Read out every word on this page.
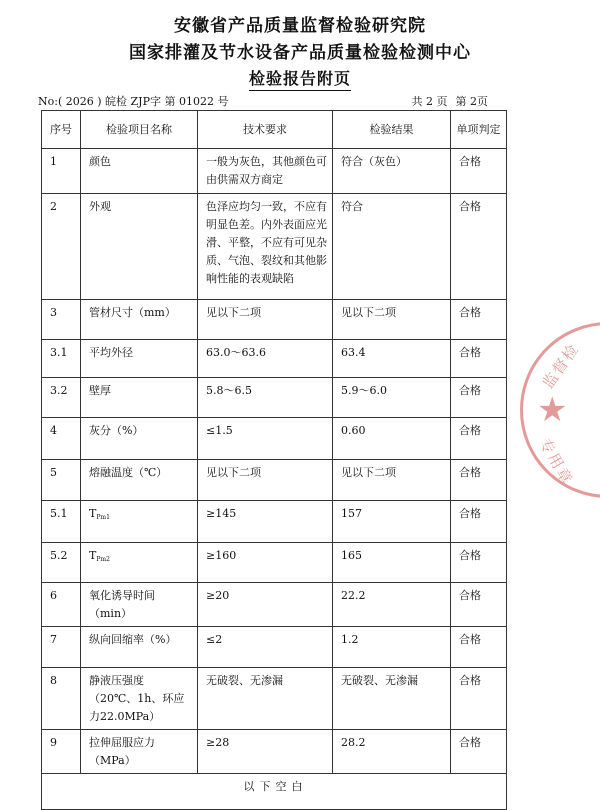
安徽省产品质量监督检验研究院
国家排灌及节水设备产品质量检验检测中心
检验报告附页
No:( 2026 ) 皖检 ZJP字 第 01022 号	共 2 页 第 2页
序号	检验项目名称	技术要求	检验结果	单项判定
1	颜色	一般为灰色，其他颜色可由供需双方商定	符合（灰色）	合格
2	外观	色泽应均匀一致，不应有明显色差。内外表面应光滑、平整，不应有可见杂质、气泡、裂纹和其他影响性能的表观缺陷	符合	合格
3	管材尺寸（mm）	见以下二项	见以下二项	合格
3.1	平均外径	63.0～63.6	63.4	合格
3.2	壁厚	5.8～6.5	5.9～6.0	合格
4	灰分（%）	≤1.5	0.60	合格
5	熔融温度（℃）	见以下二项	见以下二项	合格
5.1	$T_{Pm1}$	≥145	157	合格
5.2	$T_{Pm2}$	≥160	165	合格
6	氧化诱导时间（min）	≥20	22.2	合格
7	纵向回缩率（%）	≤2	1.2	合格
8	静液压强度（20℃、1h、环应力22.0MPa）	无破裂、无渗漏	无破裂、无渗漏	合格
9	拉伸屈服应力（MPa）	≥28	28.2	合格
以下空白				
监督检
★
专用章
